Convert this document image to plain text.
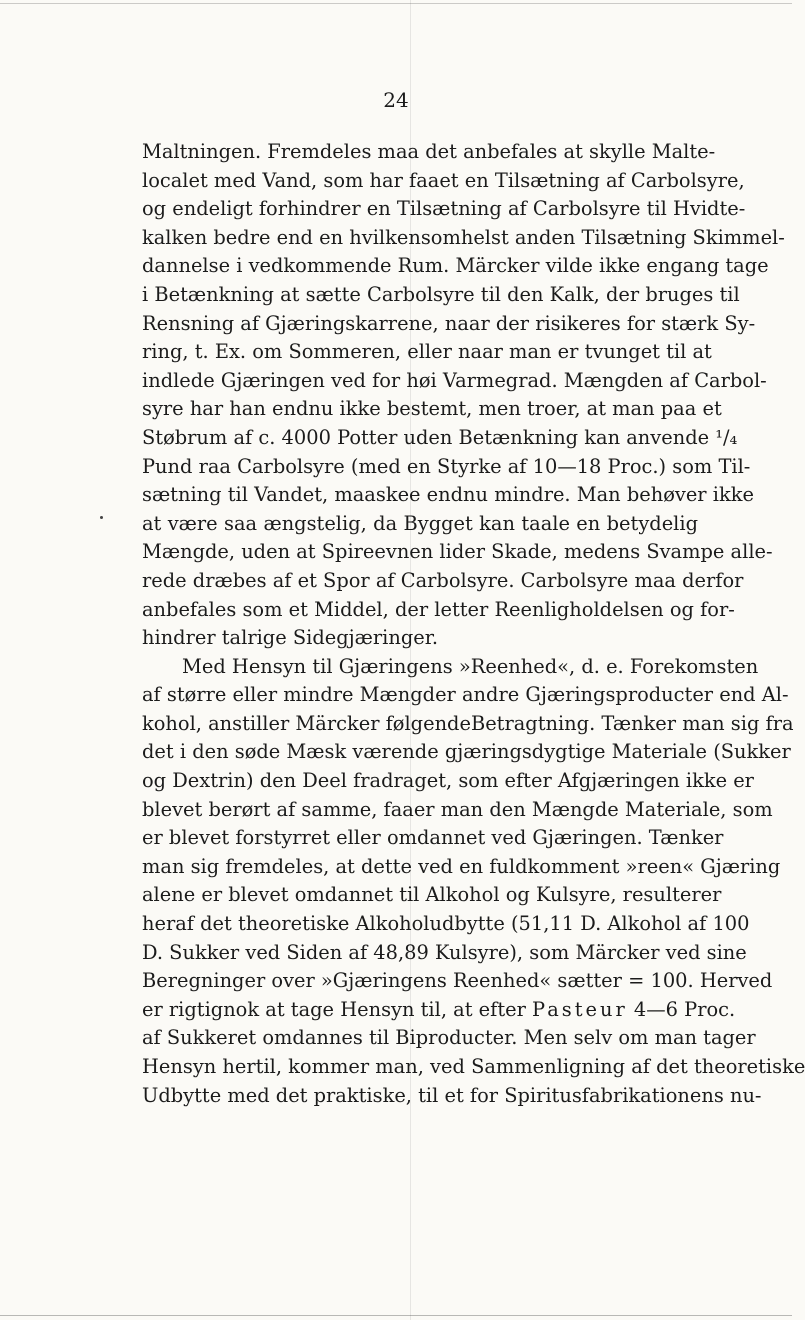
24
Maltningen. Fremdeles maa det anbefales at skylle Malte-
localet med Vand, som har faaet en Tilsætning af Carbolsyre,
og endeligt forhindrer en Tilsætning af Carbolsyre til Hvidte-
kalken bedre end en hvilkensomhelst anden Tilsætning Skimmel-
dannelse i vedkommende Rum. Märcker vilde ikke engang tage
i Betænkning at sætte Carbolsyre til den Kalk, der bruges til
Rensning af Gjæringskarrene, naar der risikeres for stærk Sy-
ring, t. Ex. om Sommeren, eller naar man er tvunget til at
indlede Gjæringen ved for høi Varmegrad. Mængden af Carbol-
syre har han endnu ikke bestemt, men troer, at man paa et
Støbrum af c. 4000 Potter uden Betænkning kan anvende ¹/₄
Pund raa Carbolsyre (med en Styrke af 10—18 Proc.) som Til-
sætning til Vandet, maaskee endnu mindre. Man behøver ikke
at være saa ængstelig, da Bygget kan taale en betydelig
Mængde, uden at Spireevnen lider Skade, medens Svampe alle-
rede dræbes af et Spor af Carbolsyre. Carbolsyre maa derfor
anbefales som et Middel, der letter Reenligholdelsen og for-
hindrer talrige Sidegjæringer.
Med Hensyn til Gjæringens »Reenhed«, d. e. Forekomsten
af større eller mindre Mængder andre Gjæringsproducter end Al-
kohol, anstiller Märcker følgendeBetragtning. Tænker man sig fra
det i den søde Mæsk værende gjæringsdygtige Materiale (Sukker
og Dextrin) den Deel fradraget, som efter Afgjæringen ikke er
blevet berørt af samme, faaer man den Mængde Materiale, som
er blevet forstyrret eller omdannet ved Gjæringen. Tænker
man sig fremdeles, at dette ved en fuldkomment »reen« Gjæring
alene er blevet omdannet til Alkohol og Kulsyre, resulterer
heraf det theoretiske Alkoholudbytte (51,11 D. Alkohol af 100
D. Sukker ved Siden af 48,89 Kulsyre), som Märcker ved sine
Beregninger over »Gjæringens Reenhed« sætter = 100. Herved
er rigtignok at tage Hensyn til, at efter Pasteur 4—6 Proc.
af Sukkeret omdannes til Biproducter. Men selv om man tager
Hensyn hertil, kommer man, ved Sammenligning af det theoretiske
Udbytte med det praktiske, til et for Spiritusfabrikationens nu-
